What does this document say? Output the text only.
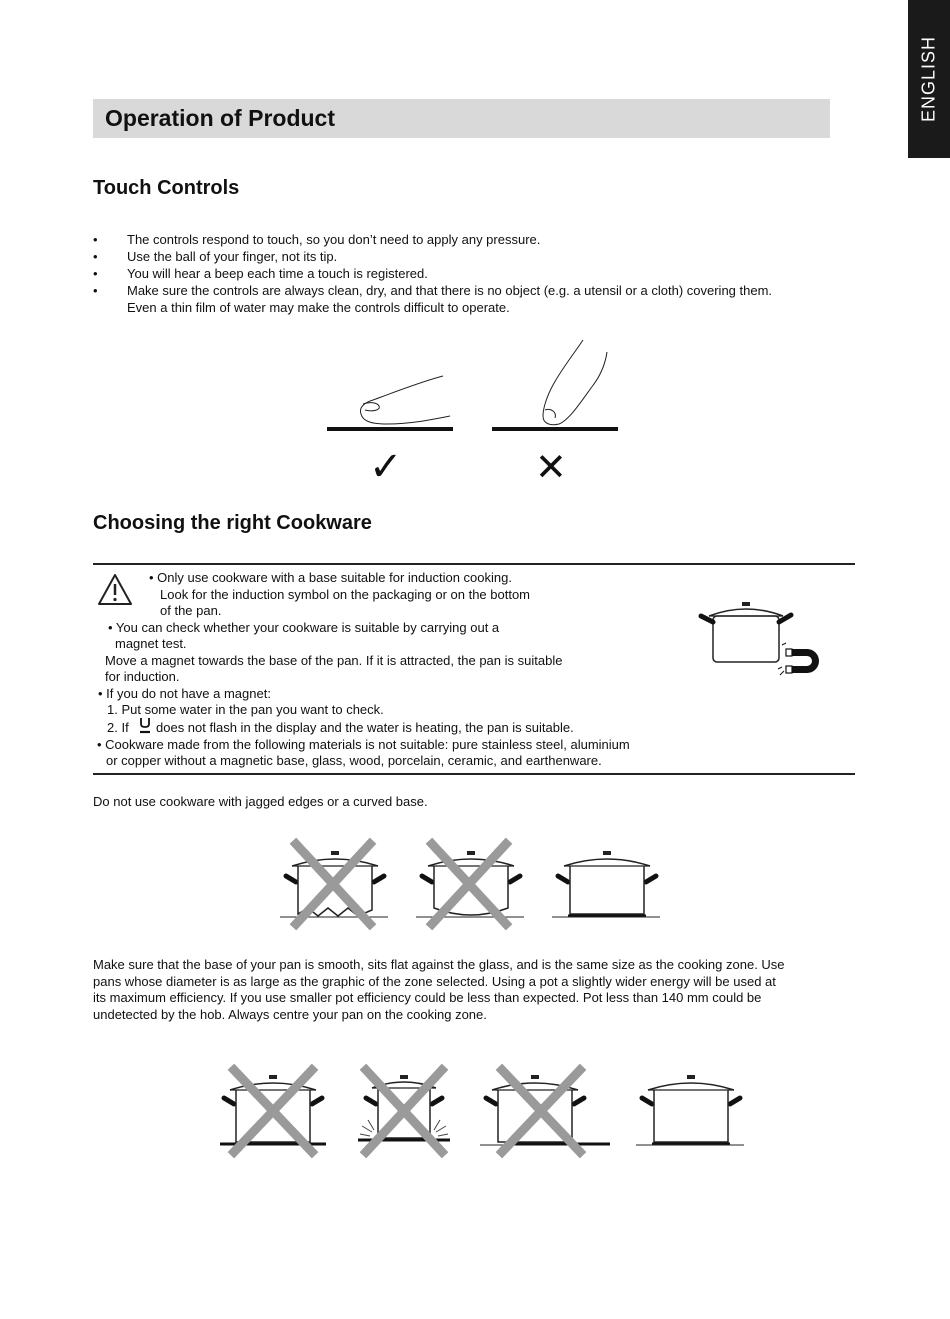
ENGLISH
Operation of Product
Touch Controls
• The controls respond to touch, so you don’t need to apply any pressure.
• Use the ball of your finger, not its tip.
• You will hear a beep each time a touch is registered.
• Make sure the controls are always clean, dry, and that there is no object (e.g. a utensil or a cloth) covering them.
Even a thin film of water may make the controls difficult to operate.
✓	✕
Choosing the right Cookware
• Only use cookware with a base suitable for induction cooking.
Look for the induction symbol on the packaging or on the bottom
of the pan.
• You can check whether your cookware is suitable by carrying out a
magnet test.
Move a magnet towards the base of the pan. If it is attracted, the pan is suitable
for induction.
• If you do not have a magnet:
1. Put some water in the pan you want to check.
2. If does not flash in the display and the water is heating, the pan is suitable.
• Cookware made from the following materials is not suitable: pure stainless steel, aluminium
or copper without a magnetic base, glass, wood, porcelain, ceramic, and earthenware.

Do not use cookware with jagged edges or a curved base.

Make sure that the base of your pan is smooth, sits flat against the glass, and is the same size as the cooking zone. Use
pans whose diameter is as large as the graphic of the zone selected. Using a pot a slightly wider energy will be used at
its maximum efficiency. If you use smaller pot efficiency could be less than expected. Pot less than 140 mm could be
undetected by the hob. Always centre your pan on the cooking zone.
